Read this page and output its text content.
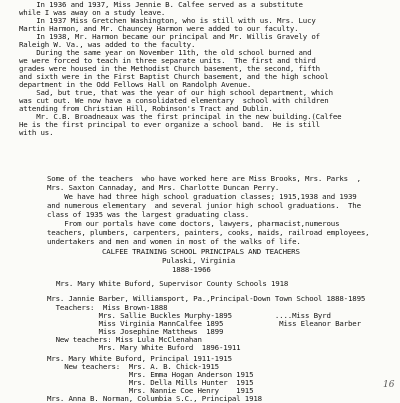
In 1936 and 1937, Miss Jennie B. Calfee served as a substitute
while I was away on a study leave.
In 1937 Miss Gretchen Washington, who is still with us. Mrs. Lucy
Martin Harmon, and Mr. Chauncey Harmon were added to our faculty.
In 1938, Mr. Harmon became our principal and Mr. Willis Gravely of
Raleigh W. Va., was added to the faculty.
During the same year on November 11th, the old school burned and
we were forced to teach in three separate units.  The first and third
grades were housed in the Methodist Church basement, the second, fifth
and sixth were in the First Baptist Church basement, and the high school
department in the Odd Fellows Hall on Randolph Avenue.
Sad, but true, that was the year of our high school department, which
was cut out. We now have a consolidated elementary  school with children
attending from Christian Hill, Robinson's Tract and Dublin.
Mr. C.B. Broadneaux was the first principal in the new building.(Calfee
He is the first principal to ever organize a school band.  He is still
with us.
Some of the teachers  who have worked here are Miss Brooks, Mrs. Parks  ,
Mrs. Saxton Cannaday, and Mrs. Charlotte Duncan Perry.
We have had three high school graduation classes; 1915,1938 and 1939
and numerous elementary  and several junior high school graduations.  The
class of 1935 was the largest graduating class.
From our portals have come doctors, lawyers, pharmacist,numerous
teachers, plumbers, carpenters, painters, cooks, maids, railroad employees,
undertakers and men and women in most of the walks of life.
CALFEE TRAINING SCHOOL PRINCIPALS AND TEACHERS
Pulaski, Virginia
1888-1966
Mrs. Mary White Buford, Supervisor County Schools 1918
Mrs. Jannie Barber, Williamsport, Pa.,Principal-Down Town School 1888-1895
Teachers:  Miss Brown-1888
Mrs. Sallie Buckles Murphy-1895          ....Miss Byrd
Miss Virginia MannCalfee 1895             Miss Eleanor Barber
Miss Josephine Matthews  1899
New teachers: Miss Lula McClenahan
Mrs. Mary White Buford  1896-1911
Mrs. Mary White Buford, Principal 1911-1915
New teachers:  Mrs. A. B. Chick-1915
Mrs. Emma Hogan Anderson 1915
Mrs. Della Mills Hunter  1915
Mrs. Nannie Coe Henry    1915
Mrs. Anna B. Norman, Columbia S.C., Principal 1918
16
